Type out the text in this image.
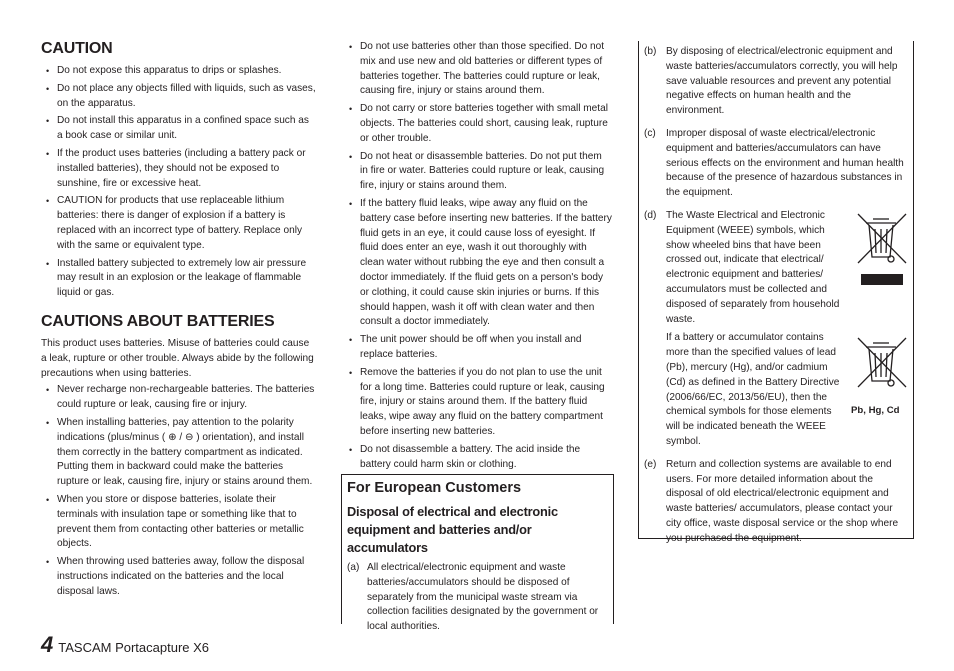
CAUTION
• Do not expose this apparatus to drips or splashes.
• Do not place any objects filled with liquids, such as vases, on the apparatus.
• Do not install this apparatus in a confined space such as a book case or similar unit.
• If the product uses batteries (including a battery pack or installed batteries), they should not be exposed to sunshine, fire or excessive heat.
• CAUTION for products that use replaceable lithium batteries: there is danger of explosion if a battery is replaced with an incorrect type of battery. Replace only with the same or equivalent type.
• Installed battery subjected to extremely low air pressure may result in an explosion or the leakage of flammable liquid or gas.
CAUTIONS ABOUT BATTERIES

This product uses batteries. Misuse of batteries could cause a leak, rupture or other trouble. Always abide by the following precautions when using batteries.

• Never recharge non-rechargeable batteries. The batteries could rupture or leak, causing fire or injury.
• When installing batteries, pay attention to the polarity indications (plus/minus ( ⊕ / ⊖ ) orientation), and install them correctly in the battery compartment as indicated. Putting them in backward could make the batteries rupture or leak, causing fire, injury or stains around them.
• When you store or dispose batteries, isolate their terminals with insulation tape or something like that to prevent them from contacting other batteries or metallic objects.
• When throwing used batteries away, follow the disposal instructions indicated on the batteries and the local disposal laws.
• Do not use batteries other than those specified. Do not mix and use new and old batteries or different types of batteries together. The batteries could rupture or leak, causing fire, injury or stains around them.
• Do not carry or store batteries together with small metal objects. The batteries could short, causing leak, rupture or other trouble.
• Do not heat or disassemble batteries. Do not put them in fire or water. Batteries could rupture or leak, causing fire, injury or stains around them.
• If the battery fluid leaks, wipe away any fluid on the battery case before inserting new batteries. If the battery fluid gets in an eye, it could cause loss of eyesight. If fluid does enter an eye, wash it out thoroughly with clean water without rubbing the eye and then consult a doctor immediately. If the fluid gets on a person's body or clothing, it could cause skin injuries or burns. If this should happen, wash it off with clean water and then consult a doctor immediately.
• The unit power should be off when you install and replace batteries.
• Remove the batteries if you do not plan to use the unit for a long time. Batteries could rupture or leak, causing fire, injury or stains around them. If the battery fluid leaks, wipe away any fluid on the battery compartment before inserting new batteries.
• Do not disassemble a battery. The acid inside the battery could harm skin or clothing.
For European Customers
Disposal of electrical and electronic equipment and batteries and/or accumulators
(a) All electrical/electronic equipment and waste batteries/accumulators should be disposed of separately from the municipal waste stream via collection facilities designated by the government or local authorities.
(b) By disposing of electrical/electronic equipment and waste batteries/accumulators correctly, you will help save valuable resources and prevent any potential negative effects on human health and the environment.
(c)	Improper disposal of waste electrical/electronic equipment and batteries/accumulators can have serious effects on the environment and human health because of the presence of hazardous substances in the equipment.
(d) The Waste Electrical and Electronic Equipment (WEEE) symbols, which show wheeled bins that have been crossed out, indicate that electrical/ electronic equipment and batteries/ accumulators must be collected and disposed of separately from household waste.

If a battery or accumulator contains more than the specified values of lead (Pb), mercury (Hg), and/or cadmium (Cd) as defined in the Battery Directive (2006/66/EC, 2013/56/EU), then the chemical symbols for those elements will be indicated beneath the WEEE symbol.

Pb, Hg, Cd
(e) Return and collection systems are available to end users. For more detailed information about the disposal of old electrical/electronic equipment and waste batteries/ accumulators, please contact your city office, waste disposal service or the shop where you purchased the equipment.
4 TASCAM Portacapture X6
